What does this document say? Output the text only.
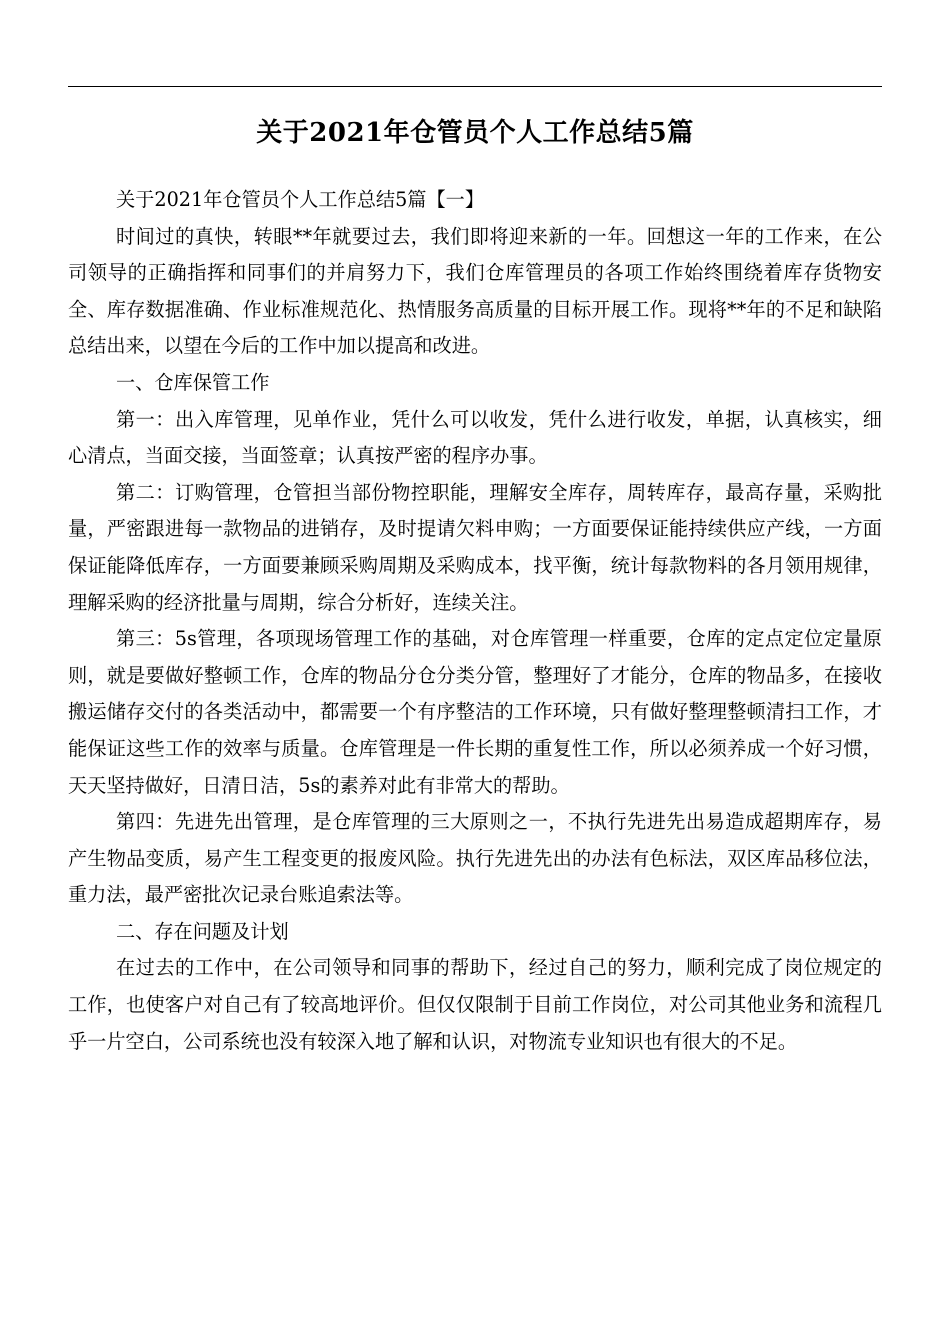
关于2021年仓管员个人工作总结5篇

关于2021年仓管员个人工作总结5篇【一】

时间过的真快，转眼**年就要过去，我们即将迎来新的一年。回想这一年的工作来，在公司领导的正确指挥和同事们的并肩努力下，我们仓库管理员的各项工作始终围绕着库存货物安全、库存数据准确、作业标准规范化、热情服务高质量的目标开展工作。现将**年的不足和缺陷总结出来，以望在今后的工作中加以提高和改进。

一、仓库保管工作

第一：出入库管理，见单作业，凭什么可以收发，凭什么进行收发，单据，认真核实，细心清点，当面交接，当面签章；认真按严密的程序办事。

第二：订购管理，仓管担当部份物控职能，理解安全库存，周转库存，最高存量，采购批量，严密跟进每一款物品的进销存，及时提请欠料申购；一方面要保证能持续供应产线，一方面保证能降低库存，一方面要兼顾采购周期及采购成本，找平衡，统计每款物料的各月领用规律，理解采购的经济批量与周期，综合分析好，连续关注。

第三：5s管理，各项现场管理工作的基础，对仓库管理一样重要，仓库的定点定位定量原则，就是要做好整顿工作，仓库的物品分仓分类分管，整理好了才能分，仓库的物品多，在接收搬运储存交付的各类活动中，都需要一个有序整洁的工作环境，只有做好整理整顿清扫工作，才能保证这些工作的效率与质量。仓库管理是一件长期的重复性工作，所以必须养成一个好习惯，天天坚持做好，日清日洁，5s的素养对此有非常大的帮助。

第四：先进先出管理，是仓库管理的三大原则之一，不执行先进先出易造成超期库存，易产生物品变质，易产生工程变更的报废风险。执行先进先出的办法有色标法，双区库品移位法，重力法，最严密批次记录台账追索法等。

二、存在问题及计划

在过去的工作中，在公司领导和同事的帮助下，经过自己的努力，顺利完成了岗位规定的工作，也使客户对自己有了较高地评价。但仅仅限制于目前工作岗位，对公司其他业务和流程几乎一片空白，公司系统也没有较深入地了解和认识，对物流专业知识也有很大的不足。
